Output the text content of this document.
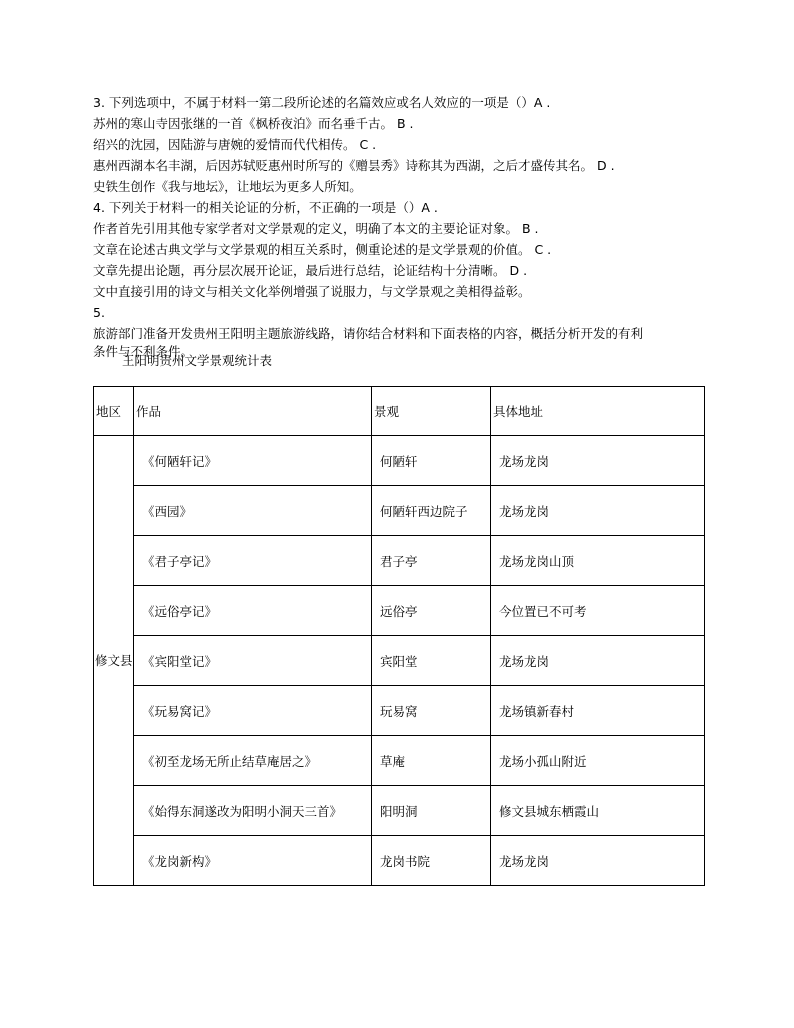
3. 下列选项中，不属于材料一第二段所论述的名篇效应或名人效应的一项是（）A .
苏州的寒山寺因张继的一首《枫桥夜泊》而名垂千古。 B .
绍兴的沈园，因陆游与唐婉的爱情而代代相传。 C .
惠州西湖本名丰湖，后因苏轼贬惠州时所写的《赠昙秀》诗称其为西湖，之后才盛传其名。 D .
史铁生创作《我与地坛》，让地坛为更多人所知。
4. 下列关于材料一的相关论证的分析，不正确的一项是（）A .
作者首先引用其他专家学者对文学景观的定义，明确了本文的主要论证对象。 B .
文章在论述古典文学与文学景观的相互关系时，侧重论述的是文学景观的价值。 C .
文章先提出论题，再分层次展开论证，最后进行总结，论证结构十分清晰。 D .
文中直接引用的诗文与相关文化举例增强了说服力，与文学景观之美相得益彰。
5.
旅游部门准备开发贵州王阳明主题旅游线路，请你结合材料和下面表格的内容，概括分析开发的有利
条件与不利条件。
王阳明贵州文学景观统计表
地区	作品	景观	具体地址
修文县	《何陋轩记》	何陋轩	龙场龙岗
	《西园》	何陋轩西边院子	龙场龙岗
	《君子亭记》	君子亭	龙场龙岗山顶
	《远俗亭记》	远俗亭	今位置已不可考
	《宾阳堂记》	宾阳堂	龙场龙岗
	《玩易窝记》	玩易窝	龙场镇新春村
	《初至龙场无所止结草庵居之》	草庵	龙场小孤山附近
	《始得东洞遂改为阳明小洞天三首》	阳明洞	修文县城东栖霞山
	《龙岗新构》	龙岗书院	龙场龙岗
